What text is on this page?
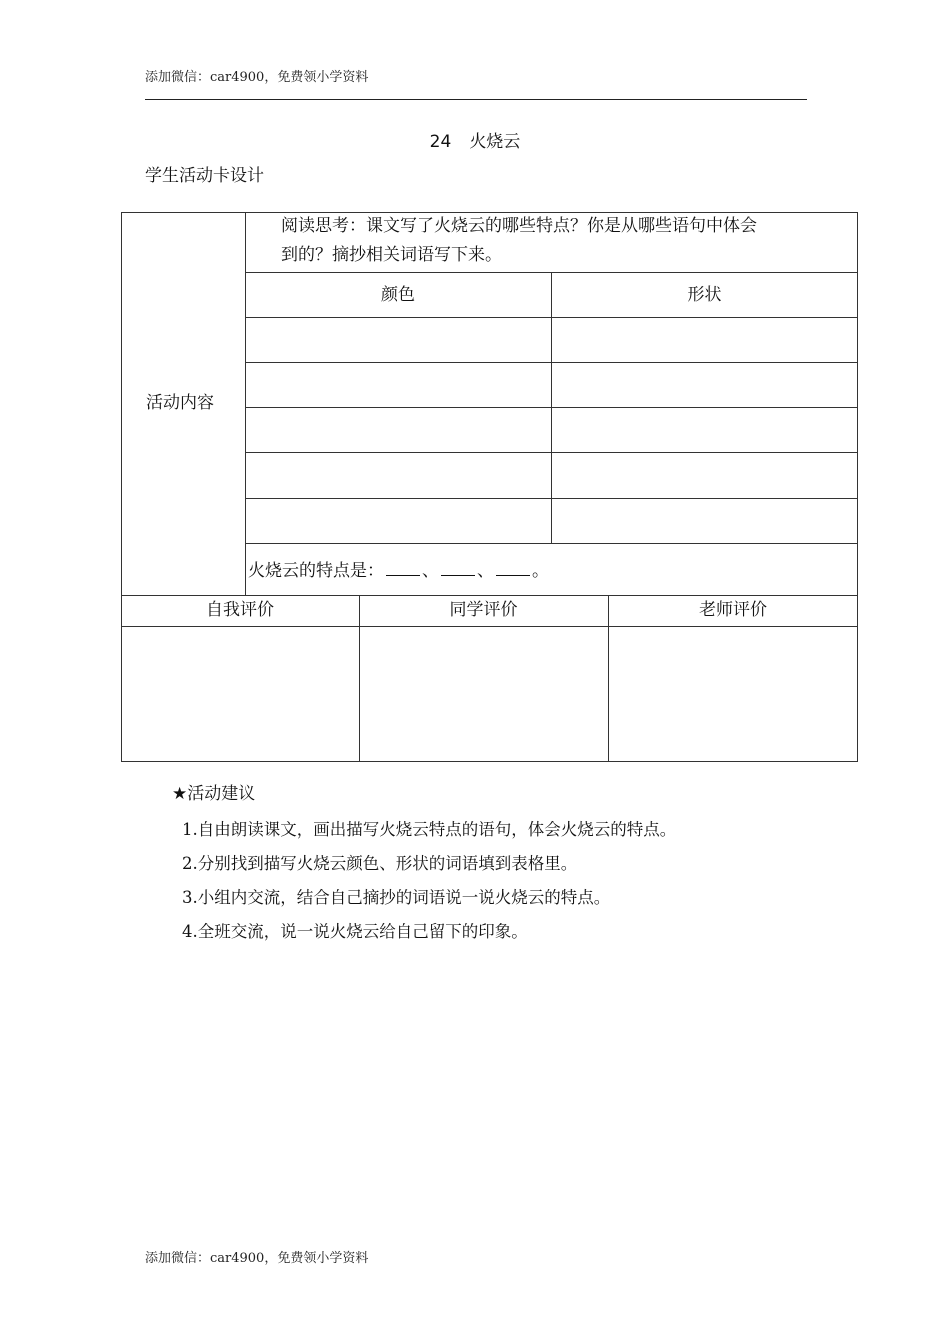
添加微信：car4900，免费领小学资料
24 火烧云
学生活动卡设计
活动内容
阅读思考：课文写了火烧云的哪些特点？你是从哪些语句中体会
到的？摘抄相关词语写下来。
颜色	形状
火烧云的特点是： 、 、 。
自我评价	同学评价	老师评价
★活动建议
1.自由朗读课文，画出描写火烧云特点的语句，体会火烧云的特点。
2.分别找到描写火烧云颜色、形状的词语填到表格里。
3.小组内交流，结合自己摘抄的词语说一说火烧云的特点。
4.全班交流，说一说火烧云给自己留下的印象。
添加微信：car4900，免费领小学资料
